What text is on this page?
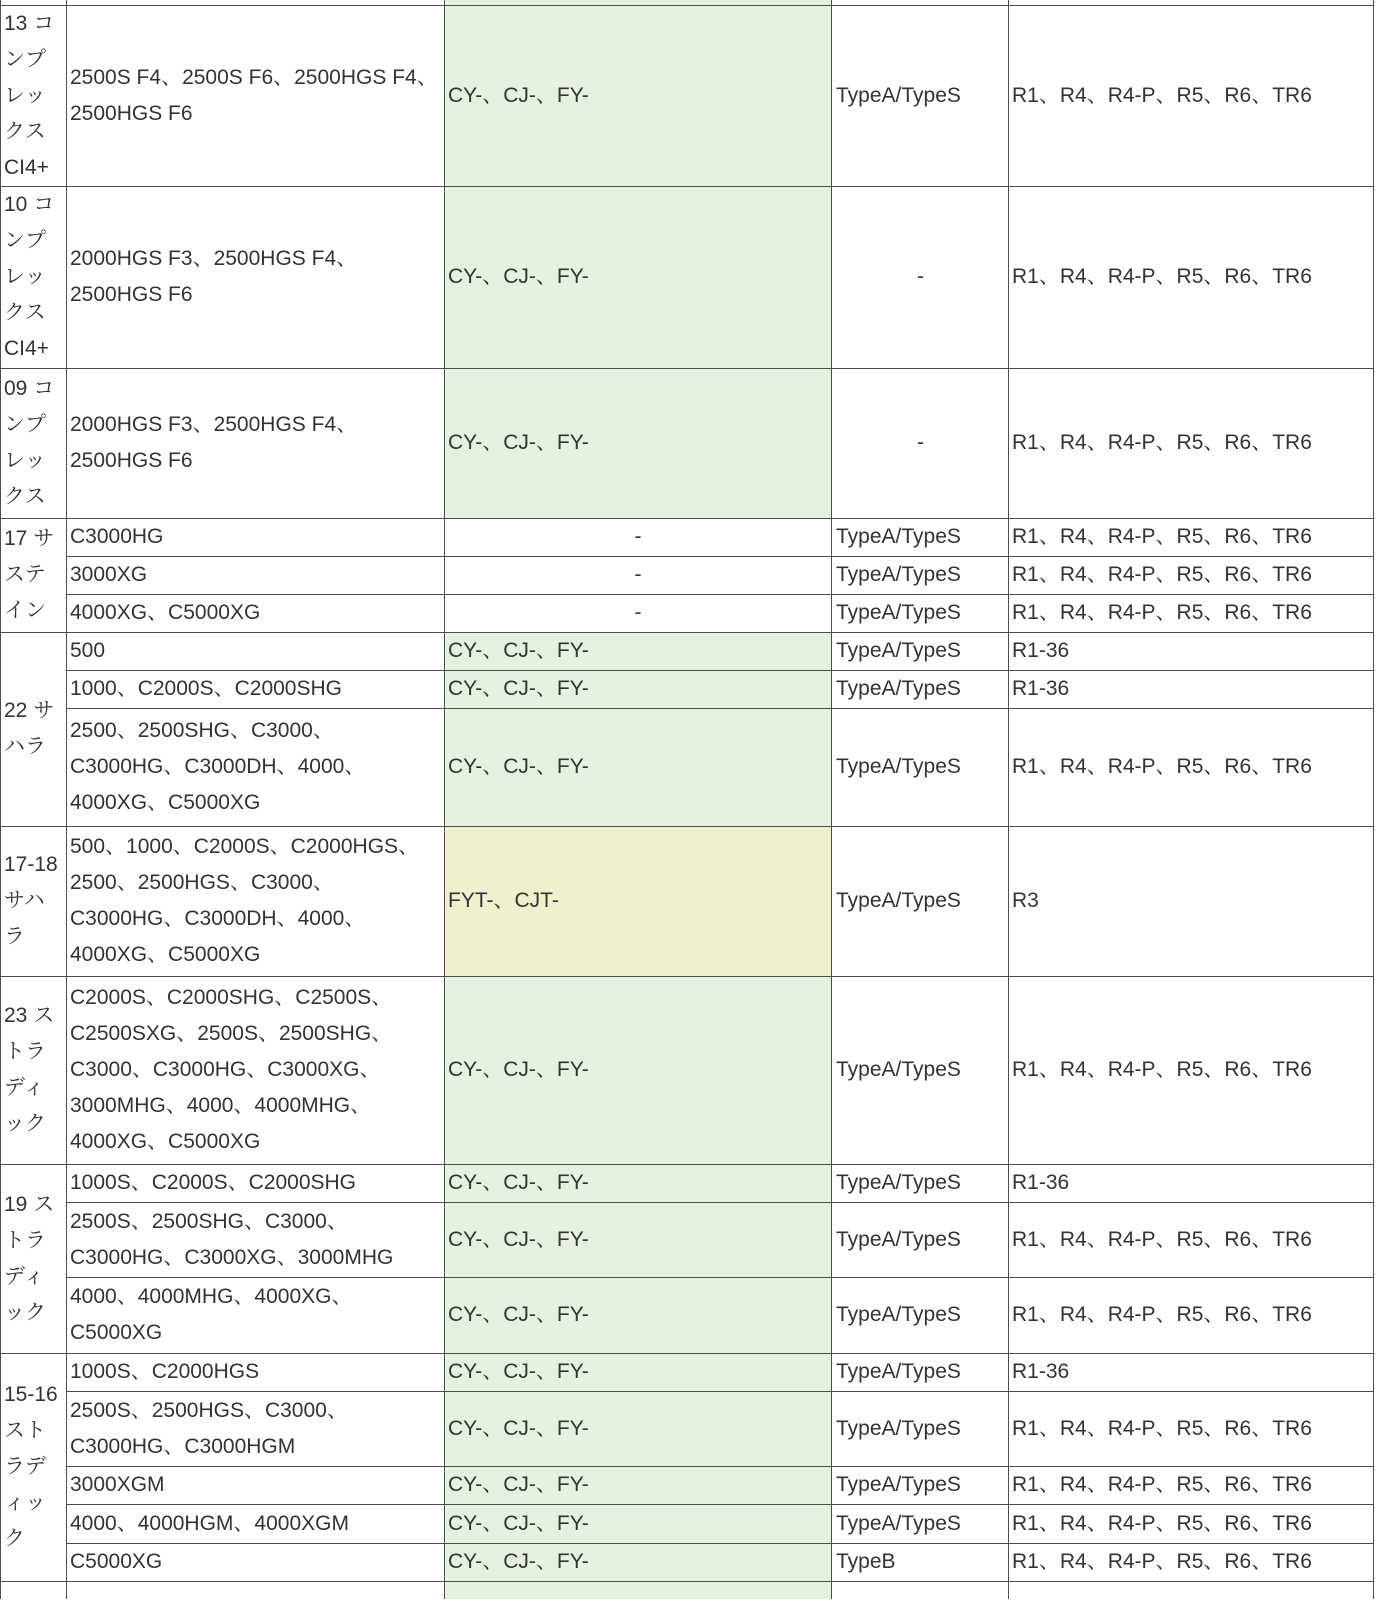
13 コンプレックスCI4+	2500S F4、2500S F6、2500HGS F4、2500HGS F6	CY-、CJ-、FY-	TypeA/TypeS	R1、R4、R4-P、R5、R6、TR6
10 コンプレックスCI4+	2000HGS F3、2500HGS F4、2500HGS F6	CY-、CJ-、FY-	-	R1、R4、R4-P、R5、R6、TR6
09 コンプレックス	2000HGS F3、2500HGS F4、2500HGS F6	CY-、CJ-、FY-	-	R1、R4、R4-P、R5、R6、TR6
17 サステイン	C3000HG	-	TypeA/TypeS	R1、R4、R4-P、R5、R6、TR6
	3000XG	-	TypeA/TypeS	R1、R4、R4-P、R5、R6、TR6
	4000XG、C5000XG	-	TypeA/TypeS	R1、R4、R4-P、R5、R6、TR6
22 サハラ	500	CY-、CJ-、FY-	TypeA/TypeS	R1-36
	1000、C2000S、C2000SHG	CY-、CJ-、FY-	TypeA/TypeS	R1-36
	2500、2500SHG、C3000、C3000HG、C3000DH、4000、4000XG、C5000XG	CY-、CJ-、FY-	TypeA/TypeS	R1、R4、R4-P、R5、R6、TR6
17-18 サハラ	500、1000、C2000S、C2000HGS、2500、2500HGS、C3000、C3000HG、C3000DH、4000、4000XG、C5000XG	FYT-、CJT-	TypeA/TypeS	R3
23 ストラディック	C2000S、C2000SHG、C2500S、C2500SXG、2500S、2500SHG、C3000、C3000HG、C3000XG、3000MHG、4000、4000MHG、4000XG、C5000XG	CY-、CJ-、FY-	TypeA/TypeS	R1、R4、R4-P、R5、R6、TR6
19 ストラディック	1000S、C2000S、C2000SHG	CY-、CJ-、FY-	TypeA/TypeS	R1-36
	2500S、2500SHG、C3000、C3000HG、C3000XG、3000MHG	CY-、CJ-、FY-	TypeA/TypeS	R1、R4、R4-P、R5、R6、TR6
	4000、4000MHG、4000XG、C5000XG	CY-、CJ-、FY-	TypeA/TypeS	R1、R4、R4-P、R5、R6、TR6
15-16 ストラディック	1000S、C2000HGS	CY-、CJ-、FY-	TypeA/TypeS	R1-36
	2500S、2500HGS、C3000、C3000HG、C3000HGM	CY-、CJ-、FY-	TypeA/TypeS	R1、R4、R4-P、R5、R6、TR6
	3000XGM	CY-、CJ-、FY-	TypeA/TypeS	R1、R4、R4-P、R5、R6、TR6
	4000、4000HGM、4000XGM	CY-、CJ-、FY-	TypeA/TypeS	R1、R4、R4-P、R5、R6、TR6
	C5000XG	CY-、CJ-、FY-	TypeB	R1、R4、R4-P、R5、R6、TR6
